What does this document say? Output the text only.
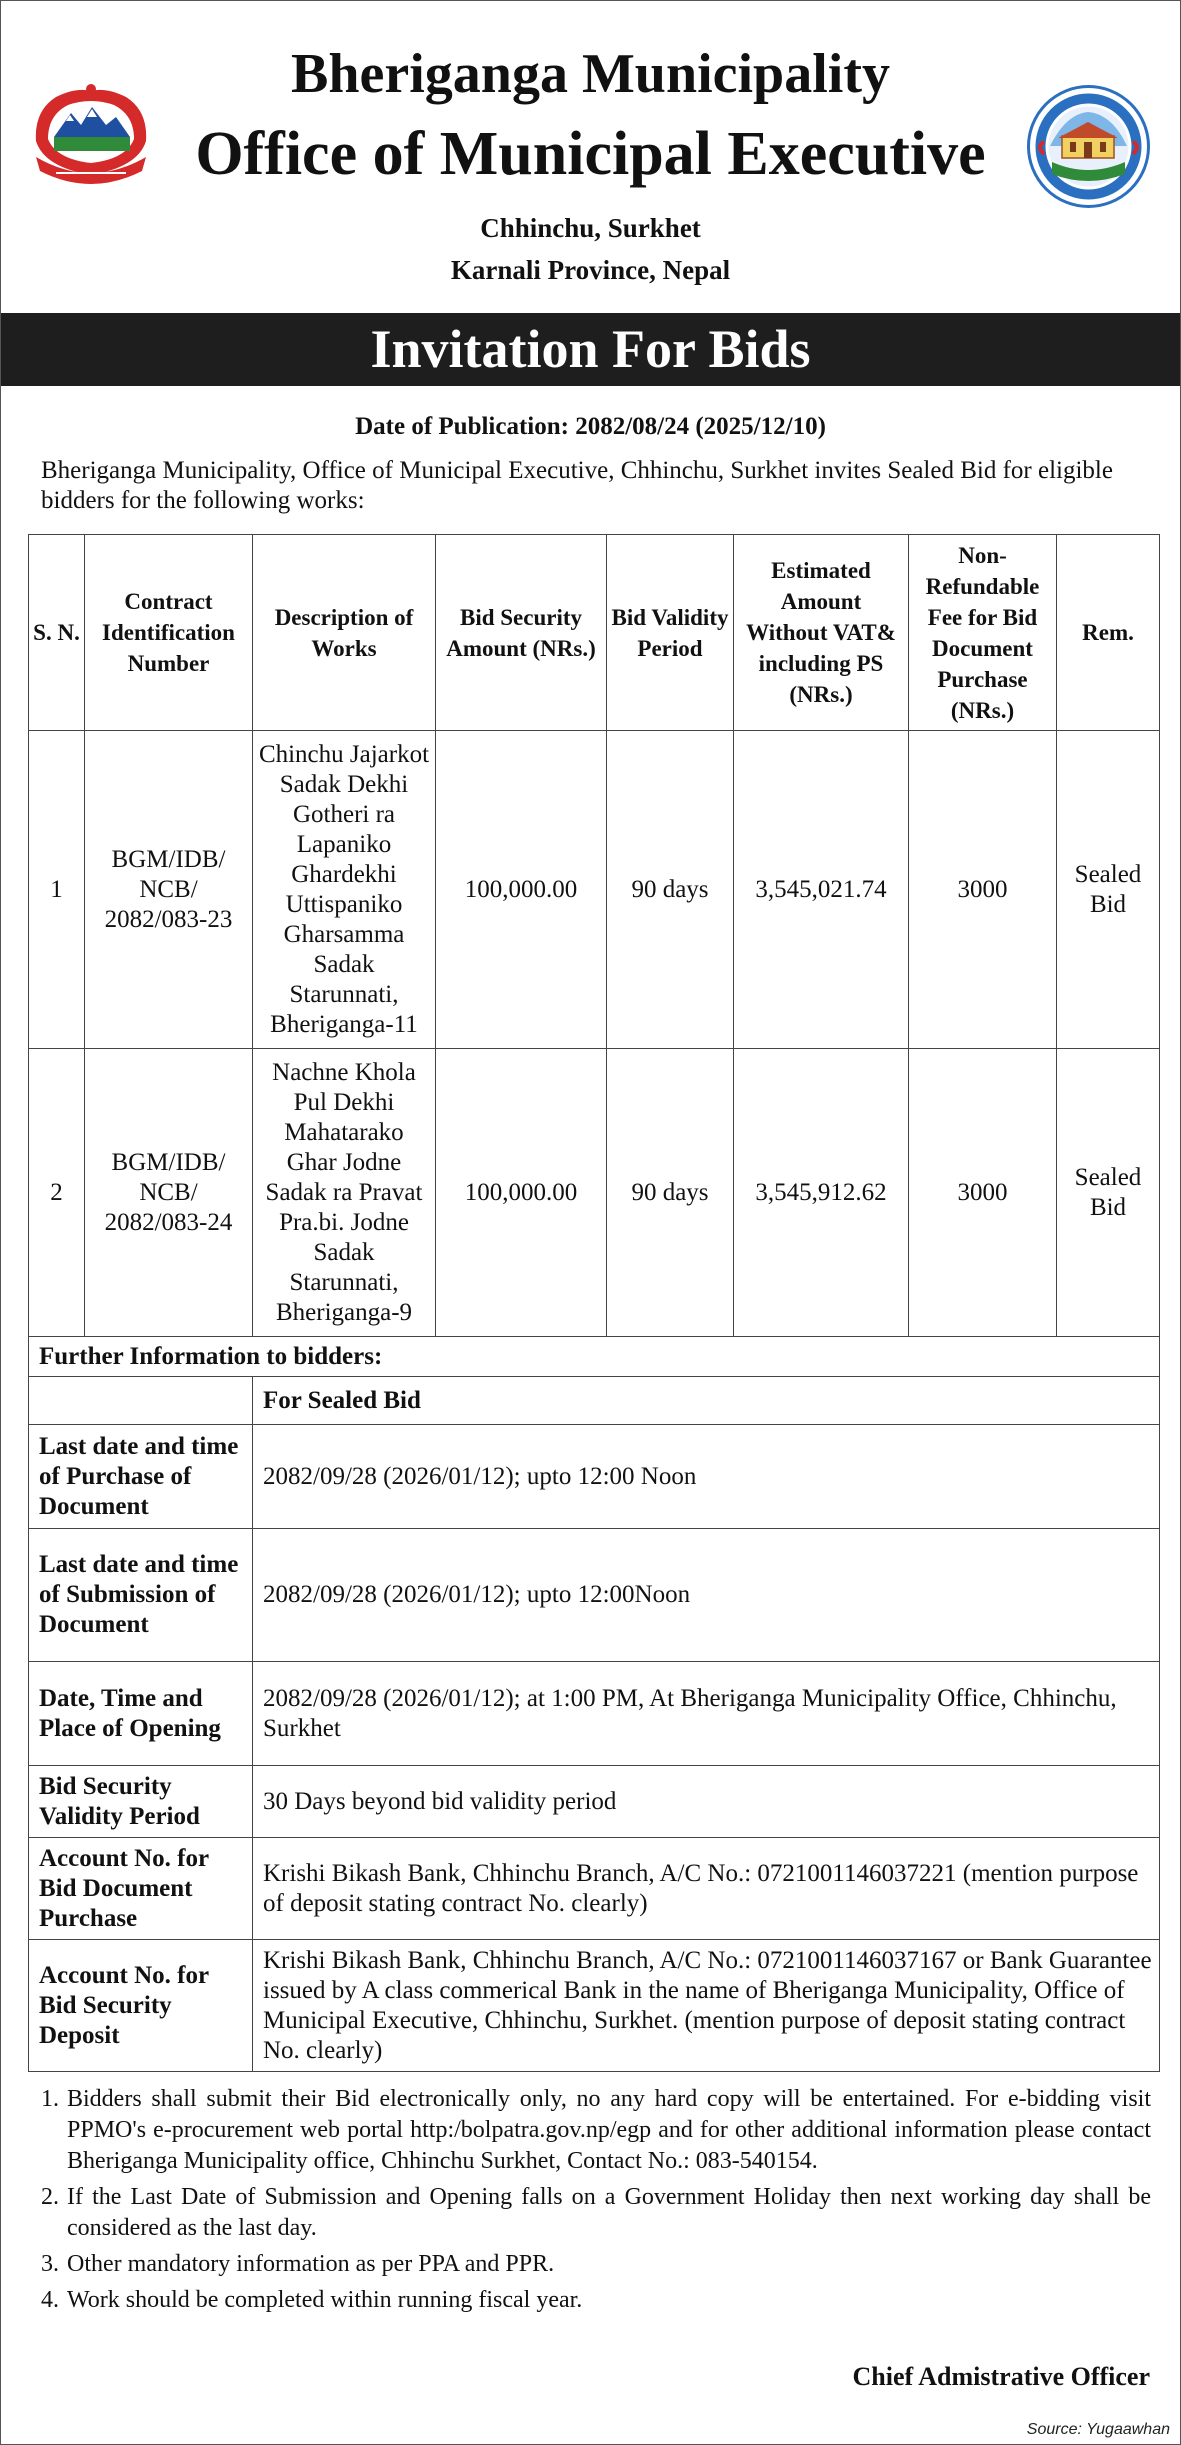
Bheriganga Municipality
Office of Municipal Executive
Chhinchu, Surkhet
Karnali Province, Nepal
Invitation For Bids
Date of Publication: 2082/08/24 (2025/12/10)
Bheriganga Municipality, Office of Municipal Executive, Chhinchu, Surkhet invites Sealed Bid for eligible bidders for the following works:
S. N.	Contract Identification Number	Description of Works	Bid Security Amount (NRs.)	Bid Validity Period	Estimated Amount Without VAT& including PS (NRs.)	Non-Refundable Fee for Bid Document Purchase (NRs.)	Rem.
1	BGM/IDB/ NCB/ 2082/083-23	Chinchu Jajarkot Sadak Dekhi Gotheri ra Lapaniko Ghardekhi Uttispaniko Gharsamma Sadak Starunnati, Bheriganga-11	100,000.00	90 days	3,545,021.74	3000	Sealed Bid
2	BGM/IDB/ NCB/ 2082/083-24	Nachne Khola Pul Dekhi Mahatarako Ghar Jodne Sadak ra Pravat Pra.bi. Jodne Sadak Starunnati, Bheriganga-9	100,000.00	90 days	3,545,912.62	3000	Sealed Bid
Further Information to bidders:							
		For Sealed Bid					
Last date and time of Purchase of Document		2082/09/28 (2026/01/12); upto 12:00 Noon					
Last date and time of Submission of Document		2082/09/28 (2026/01/12); upto 12:00Noon					
Date, Time and Place of Opening		2082/09/28 (2026/01/12); at 1:00 PM, At Bheriganga Municipality Office, Chhinchu, Surkhet					
Bid Security Validity Period		30 Days beyond bid validity period					
Account No. for Bid Document Purchase		Krishi Bikash Bank, Chhinchu Branch, A/C No.: 0721001146037221 (mention purpose of deposit stating contract No. clearly)					
Account No. for Bid Security Deposit		Krishi Bikash Bank, Chhinchu Branch, A/C No.: 0721001146037167 or Bank Guarantee issued by A class commerical Bank in the name of Bheriganga Municipality, Office of Municipal Executive, Chhinchu, Surkhet. (mention purpose of deposit stating contract No. clearly)					
1. Bidders shall submit their Bid electronically only, no any hard copy will be entertained. For e-bidding visit PPMO's e-procurement web portal http:/bolpatra.gov.np/egp and for other additional information please contact Bheriganga Municipality office, Chhinchu Surkhet, Contact No.: 083-540154.
2. If the Last Date of Submission and Opening falls on a Government Holiday then next working day shall be considered as the last day.
3. Other mandatory information as per PPA and PPR.
4. Work should be completed within running fiscal year.
Chief Admistrative Officer
Source: Yugaawhan
